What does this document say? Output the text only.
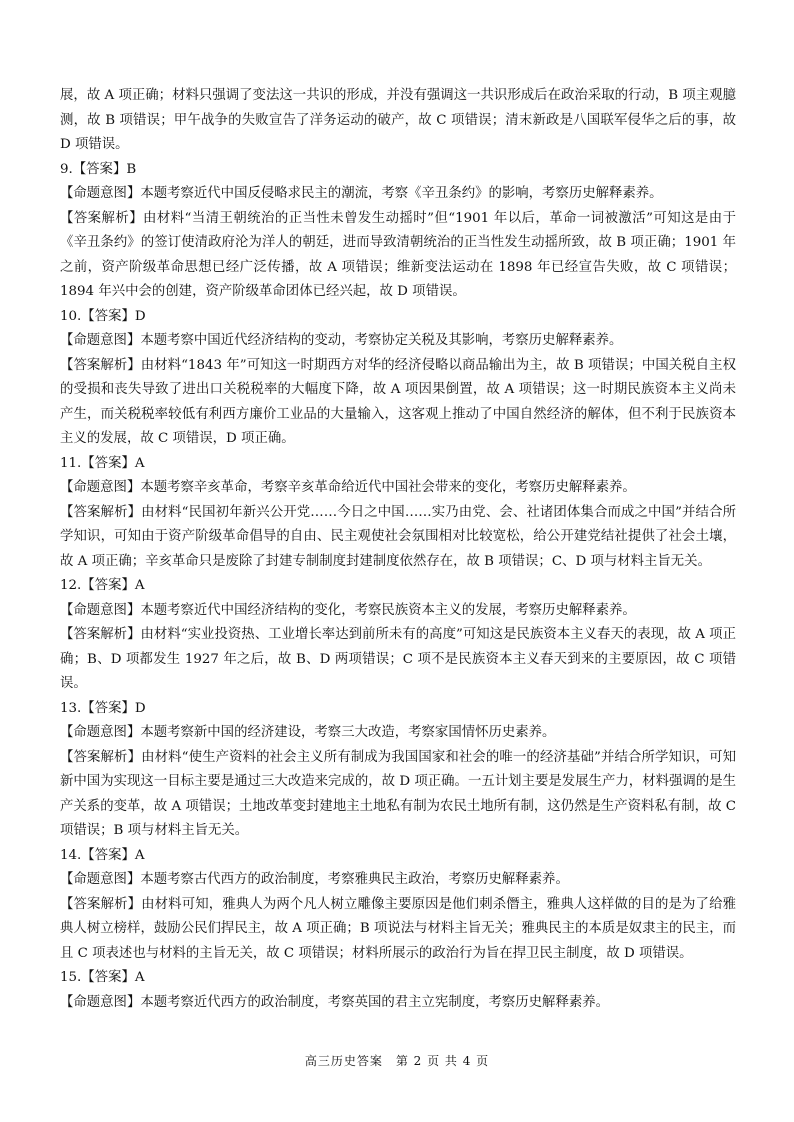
展，故 A 项正确；材料只强调了变法这一共识的形成，并没有强调这一共识形成后在政治采取的行动，B 项主观臆测，故 B 项错误；甲午战争的失败宣告了洋务运动的破产，故 C 项错误；清末新政是八国联军侵华之后的事，故 D 项错误。

9.【答案】B

【命题意图】本题考察近代中国反侵略求民主的潮流，考察《辛丑条约》的影响，考察历史解释素养。

【答案解析】由材料“当清王朝统治的正当性未曾发生动摇时”但“1901 年以后，革命一词被激活”可知这是由于《辛丑条约》的签订使清政府沦为洋人的朝廷，进而导致清朝统治的正当性发生动摇所致，故 B 项正确；1901 年之前，资产阶级革命思想已经广泛传播，故 A 项错误；维新变法运动在 1898 年已经宣告失败，故 C 项错误；1894 年兴中会的创建，资产阶级革命团体已经兴起，故 D 项错误。

10.【答案】D

【命题意图】本题考察中国近代经济结构的变动，考察协定关税及其影响，考察历史解释素养。

【答案解析】由材料“1843 年”可知这一时期西方对华的经济侵略以商品输出为主，故 B 项错误；中国关税自主权的受损和丧失导致了进出口关税税率的大幅度下降，故 A 项因果倒置，故 A 项错误；这一时期民族资本主义尚未产生，而关税税率较低有利西方廉价工业品的大量输入，这客观上推动了中国自然经济的解体，但不利于民族资本主义的发展，故 C 项错误，D 项正确。

11.【答案】A

【命题意图】本题考察辛亥革命，考察辛亥革命给近代中国社会带来的变化，考察历史解释素养。

【答案解析】由材料“民国初年新兴公开党……今日之中国……实乃由党、会、社诸团体集合而成之中国”并结合所学知识，可知由于资产阶级革命倡导的自由、民主观使社会氛围相对比较宽松，给公开建党结社提供了社会土壤，故 A 项正确；辛亥革命只是废除了封建专制制度封建制度依然存在，故 B 项错误；C、D 项与材料主旨无关。

12.【答案】A

【命题意图】本题考察近代中国经济结构的变化，考察民族资本主义的发展，考察历史解释素养。

【答案解析】由材料“实业投资热、工业增长率达到前所未有的高度”可知这是民族资本主义春天的表现，故 A 项正确；B、D 项都发生 1927 年之后，故 B、D 两项错误；C 项不是民族资本主义春天到来的主要原因，故 C 项错误。

13.【答案】D

【命题意图】本题考察新中国的经济建设，考察三大改造，考察家国情怀历史素养。

【答案解析】由材料“使生产资料的社会主义所有制成为我国国家和社会的唯一的经济基础”并结合所学知识，可知新中国为实现这一目标主要是通过三大改造来完成的，故 D 项正确。一五计划主要是发展生产力，材料强调的是生产关系的变革，故 A 项错误；土地改革变封建地主土地私有制为农民土地所有制，这仍然是生产资料私有制，故 C 项错误；B 项与材料主旨无关。

14.【答案】A

【命题意图】本题考察古代西方的政治制度，考察雅典民主政治，考察历史解释素养。

【答案解析】由材料可知，雅典人为两个凡人树立雕像主要原因是他们刺杀僭主，雅典人这样做的目的是为了给雅典人树立榜样，鼓励公民们捍民主，故 A 项正确；B 项说法与材料主旨无关；雅典民主的本质是奴隶主的民主，而且 C 项表述也与材料的主旨无关，故 C 项错误；材料所展示的政治行为旨在捍卫民主制度，故 D 项错误。

15.【答案】A

【命题意图】本题考察近代西方的政治制度，考察英国的君主立宪制度，考察历史解释素养。

高三历史答案　第 2 页 共 4 页
